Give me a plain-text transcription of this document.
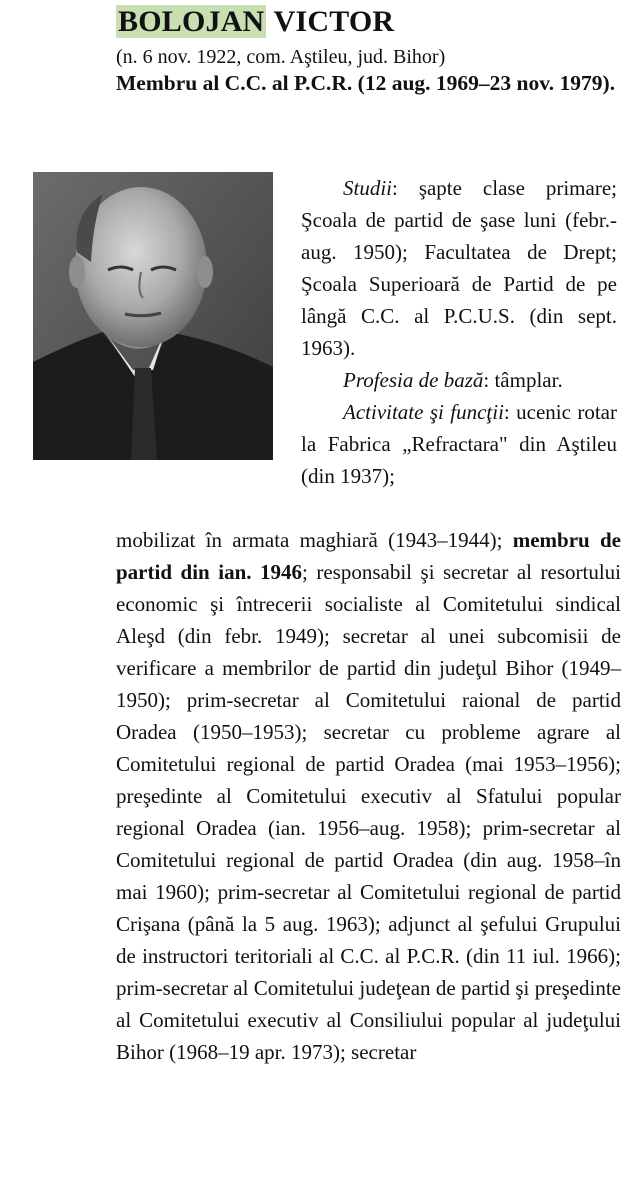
BOLOJAN VICTOR
(n. 6 nov. 1922, com. Aştileu, jud. Bihor)
Membru al C.C. al P.C.R. (12 aug. 1969–23 nov. 1979).

Studii: şapte clase primare; Şcoala de partid de şase luni (febr.-aug. 1950); Facultatea de Drept; Şcoala Superioară de Partid de pe lângă C.C. al P.C.U.S. (din sept. 1963).

Profesia de bază: tâmplar.

Activitate şi funcţii: ucenic rotar la Fabrica „Refractara" din Aştileu (din 1937);

mobilizat în armata maghiară (1943–1944); membru de partid din ian. 1946; responsabil şi secretar al resortului economic şi întrecerii socialiste al Comitetului sindical Aleşd (din febr. 1949); secretar al unei subcomisii de verificare a membrilor de partid din judeţul Bihor (1949–1950); prim-secretar al Comitetului raional de partid Oradea (1950–1953); secretar cu probleme agrare al Comitetului regional de partid Oradea (mai 1953–1956); preşedinte al Comitetului executiv al Sfatului popular regional Oradea (ian. 1956–aug. 1958); prim-secretar al Comitetului regional de partid Oradea (din aug. 1958–în mai 1960); prim-secretar al Comitetului regional de partid Crişana (până la 5 aug. 1963); adjunct al şefului Grupului de instructori teritoriali al C.C. al P.C.R. (din 11 iul. 1966); prim-secretar al Comitetului judeţean de partid şi preşedinte al Comitetului executiv al Consiliului popular al judeţului Bihor (1968–19 apr. 1973); secretar
